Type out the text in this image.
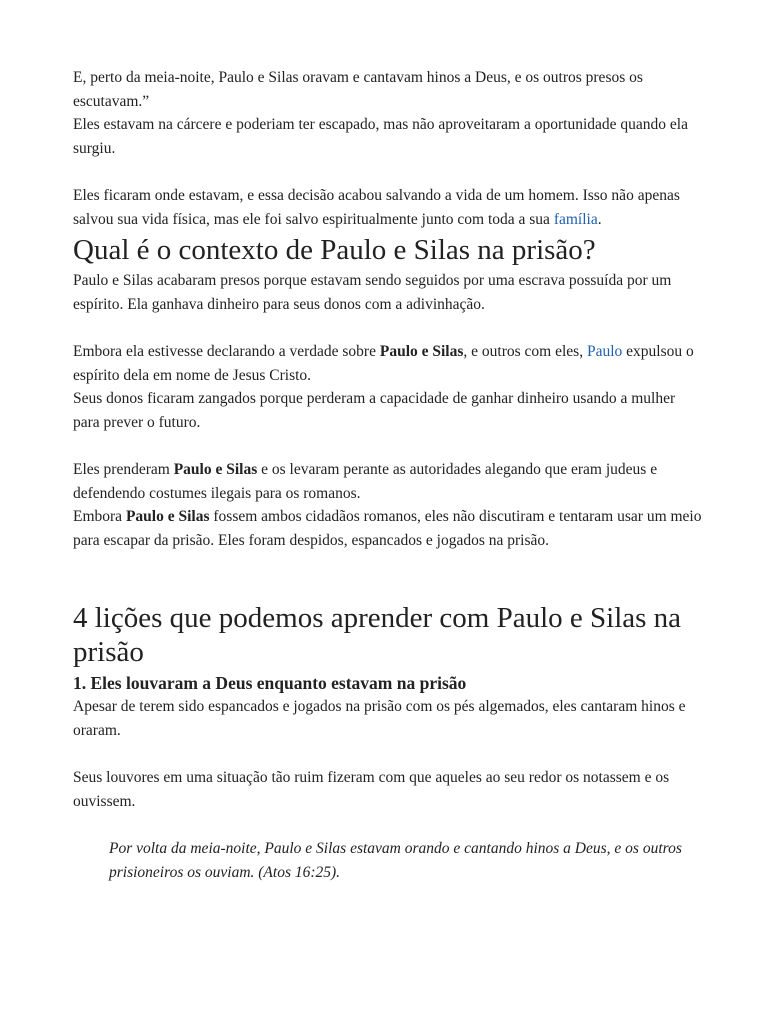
E, perto da meia-noite, Paulo e Silas oravam e cantavam hinos a Deus, e os outros presos os escutavam.”

Eles estavam na cárcere e poderiam ter escapado, mas não aproveitaram a oportunidade quando ela surgiu.

Eles ficaram onde estavam, e essa decisão acabou salvando a vida de um homem. Isso não apenas salvou sua vida física, mas ele foi salvo espiritualmente junto com toda a sua família.

Qual é o contexto de Paulo e Silas na prisão?

Paulo e Silas acabaram presos porque estavam sendo seguidos por uma escrava possuída por um espírito. Ela ganhava dinheiro para seus donos com a adivinhação.

Embora ela estivesse declarando a verdade sobre Paulo e Silas, e outros com eles, Paulo expulsou o espírito dela em nome de Jesus Cristo.

Seus donos ficaram zangados porque perderam a capacidade de ganhar dinheiro usando a mulher para prever o futuro.

Eles prenderam Paulo e Silas e os levaram perante as autoridades alegando que eram judeus e defendendo costumes ilegais para os romanos.

Embora Paulo e Silas fossem ambos cidadãos romanos, eles não discutiram e tentaram usar um meio para escapar da prisão. Eles foram despidos, espancados e jogados na prisão.

4 lições que podemos aprender com Paulo e Silas na prisão
1. Eles louvaram a Deus enquanto estavam na prisão

Apesar de terem sido espancados e jogados na prisão com os pés algemados, eles cantaram hinos e oraram.

Seus louvores em uma situação tão ruim fizeram com que aqueles ao seu redor os notassem e os ouvissem.

Por volta da meia-noite, Paulo e Silas estavam orando e cantando hinos a Deus, e os outros prisioneiros os ouviam. (Atos 16:25).
